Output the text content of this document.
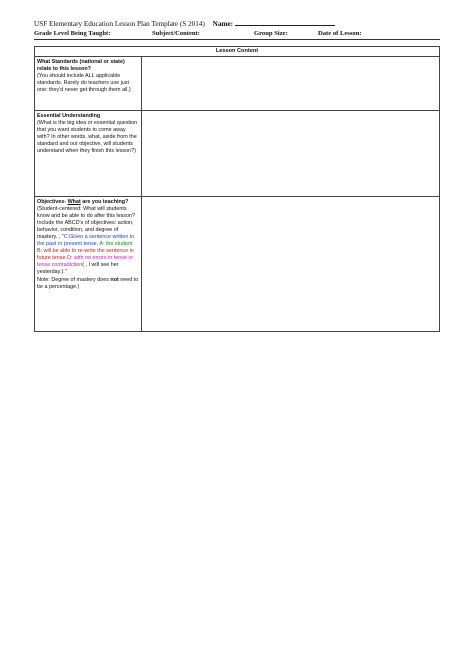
USF Elementary Education Lesson Plan Template (S 2014) Name:
Grade Level Being Taught:	Subject/Content:	Group Size:	Date of Lesson:
Lesson Content
What Standards (national or state) relate to this lesson?
(You should include ALL applicable standards. Rarely do teachers use just one: they'd never get through them all.)
Essential Understanding
(What is the big idea or essential question that you want students to come away with? In other words, what, aside from the standard and our objective, will students understand when they finish this lesson?)
Objectives- What are you teaching?
(Student-centered: What will students know and be able to do after this lesson? Include the ABCD's of objectives: action, behavior, condition, and degree of mastery. , "C:Given a sentence written in the past or present tense, A: the student B: will be able to re-write the sentence in future tense D: with no errors in tense or tense contradiction( , I will see her yesterday.)."
Note: Degree of mastery does not need to be a percentage.)
